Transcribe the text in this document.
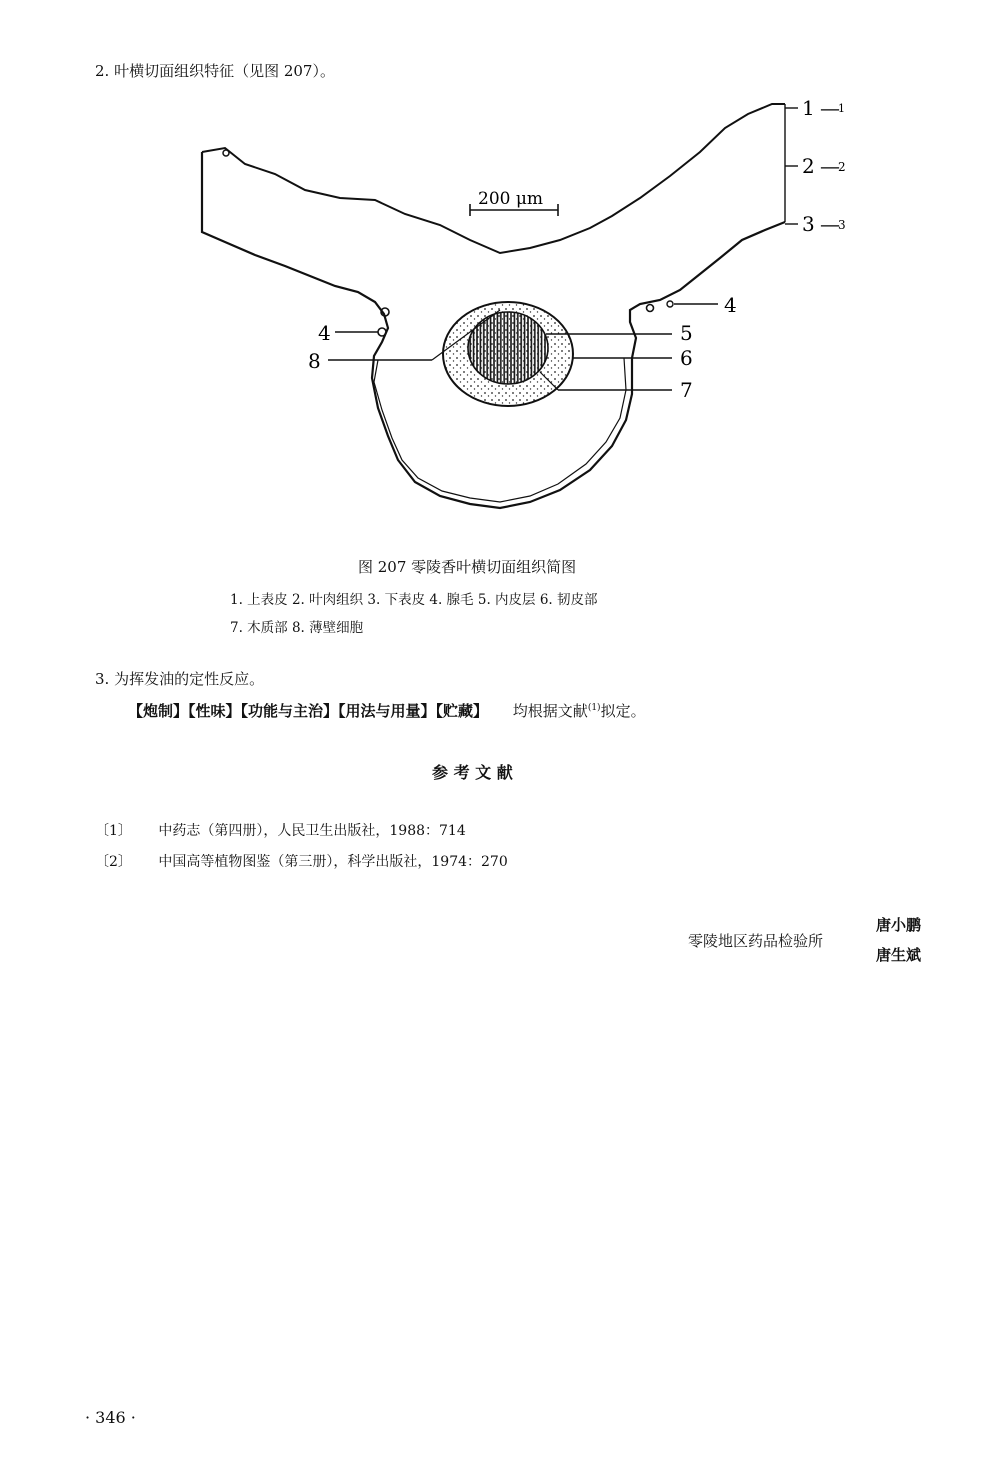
2. 叶横切面组织特征（见图 207）。
200 μm
1 —
1
2 —
2
3 —
3
4
4
8
5
6
7
图 207 零陵香叶横切面组织简图
1. 上表皮 2. 叶肉组织 3. 下表皮 4. 腺毛 5. 内皮层 6. 韧皮部
7. 木质部 8. 薄壁细胞
3. 为挥发油的定性反应。
【炮制】【性味】【功能与主治】【用法与用量】【贮藏】 均根据文献$^{(1)}$拟定。
参 考 文 献
〔1〕 中药志（第四册），人民卫生出版社，1988：714
〔2〕 中国高等植物图鉴（第三册），科学出版社，1974：270
零陵地区药品检验所
唐小鹏
唐生斌
· 346 ·
